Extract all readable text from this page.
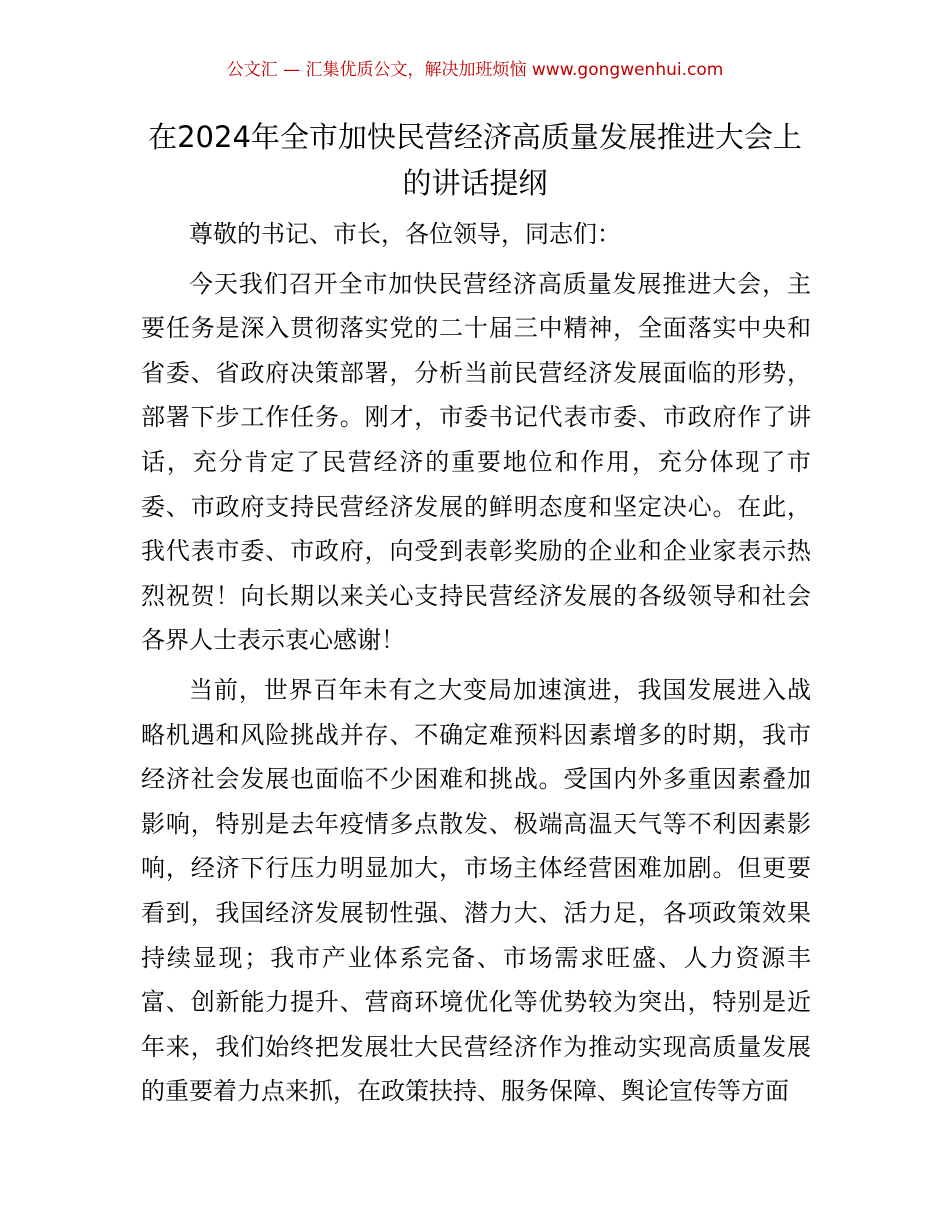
公文汇 — 汇集优质公文，解决加班烦恼 www.gongwenhui.com
在2024年全市加快民营经济高质量发展推进大会上的讲话提纲

尊敬的书记、市长，各位领导，同志们：

今天我们召开全市加快民营经济高质量发展推进大会，主要任务是深入贯彻落实党的二十届三中精神，全面落实中央和省委、省政府决策部署，分析当前民营经济发展面临的形势，部署下步工作任务。刚才，市委书记代表市委、市政府作了讲话，充分肯定了民营经济的重要地位和作用，充分体现了市委、市政府支持民营经济发展的鲜明态度和坚定决心。在此，我代表市委、市政府，向受到表彰奖励的企业和企业家表示热烈祝贺！向长期以来关心支持民营经济发展的各级领导和社会各界人士表示衷心感谢！

当前，世界百年未有之大变局加速演进，我国发展进入战略机遇和风险挑战并存、不确定难预料因素增多的时期，我市经济社会发展也面临不少困难和挑战。受国内外多重因素叠加影响，特别是去年疫情多点散发、极端高温天气等不利因素影响，经济下行压力明显加大，市场主体经营困难加剧。但更要看到，我国经济发展韧性强、潜力大、活力足，各项政策效果持续显现；我市产业体系完备、市场需求旺盛、人力资源丰富、创新能力提升、营商环境优化等优势较为突出，特别是近年来，我们始终把发展壮大民营经济作为推动实现高质量发展的重要着力点来抓，在政策扶持、服务保障、舆论宣传等方面
